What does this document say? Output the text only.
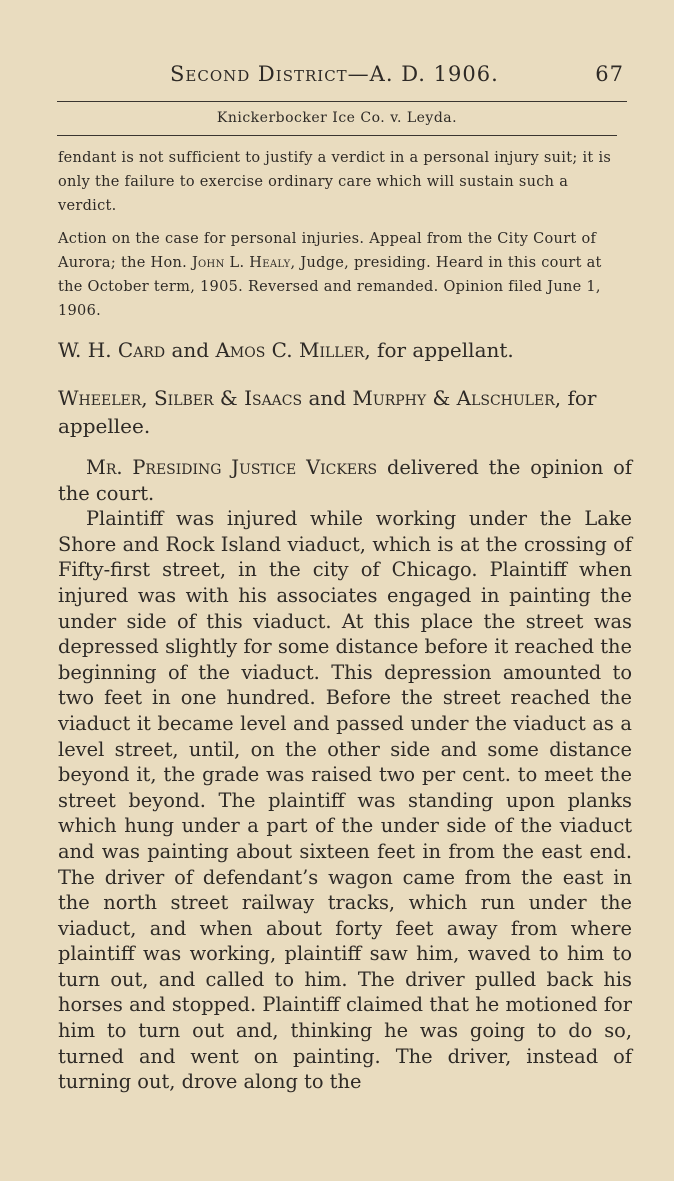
Second District—A. D. 1906.	67
Knickerbocker Ice Co. v. Leyda.
fendant is not sufficient to justify a verdict in a personal injury suit; it is only the failure to exercise ordinary care which will sustain such a verdict.
Action on the case for personal injuries. Appeal from the City Court of Aurora; the Hon. John L. Healy, Judge, presiding. Heard in this court at the October term, 1905. Reversed and remanded. Opinion filed June 1, 1906.
W. H. Card and Amos C. Miller, for appellant.
Wheeler, Silber & Isaacs and Murphy & Alschuler, for appellee.

Mr. Presiding Justice Vickers delivered the opinion of the court.

Plaintiff was injured while working under the Lake Shore and Rock Island viaduct, which is at the crossing of Fifty-first street, in the city of Chicago. Plaintiff when injured was with his associates engaged in painting the under side of this viaduct. At this place the street was depressed slightly for some distance before it reached the beginning of the viaduct. This depression amounted to two feet in one hundred. Before the street reached the viaduct it became level and passed under the viaduct as a level street, until, on the other side and some distance beyond it, the grade was raised two per cent. to meet the street beyond. The plaintiff was standing upon planks which hung under a part of the under side of the viaduct and was painting about sixteen feet in from the east end. The driver of defendant’s wagon came from the east in the north street railway tracks, which run under the viaduct, and when about forty feet away from where plaintiff was working, plaintiff saw him, waved to him to turn out, and called to him. The driver pulled back his horses and stopped. Plaintiff claimed that he motioned for him to turn out and, thinking he was going to do so, turned and went on painting. The driver, instead of turning out, drove along to the
